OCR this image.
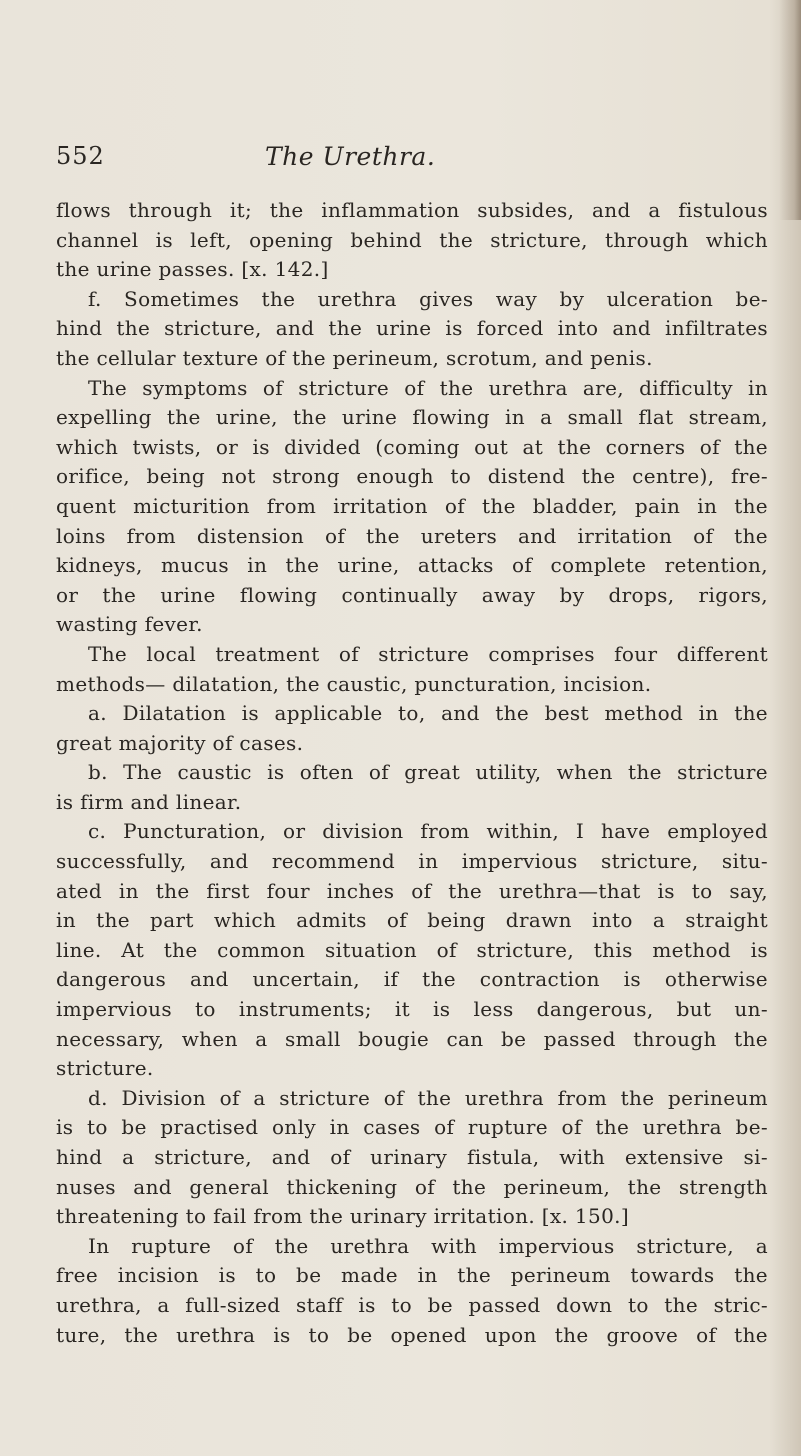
552	The Urethra.
flows through it; the inflammation subsides, and a fistulous
channel is left, opening behind the stricture, through which
the urine passes. [x. 142.]
f. Sometimes the urethra gives way by ulceration be-
hind the stricture, and the urine is forced into and infiltrates
the cellular texture of the perineum, scrotum, and penis.
The symptoms of stricture of the urethra are, difficulty in
expelling the urine, the urine flowing in a small flat stream,
which twists, or is divided (coming out at the corners of the
orifice, being not strong enough to distend the centre), fre-
quent micturition from irritation of the bladder, pain in the
loins from distension of the ureters and irritation of the
kidneys, mucus in the urine, attacks of complete retention,
or the urine flowing continually away by drops, rigors,
wasting fever.
The local treatment of stricture comprises four different
methods— dilatation, the caustic, puncturation, incision.
a. Dilatation is applicable to, and the best method in the
great majority of cases.
b. The caustic is often of great utility, when the stricture
is firm and linear.
c. Puncturation, or division from within, I have employed
successfully, and recommend in impervious stricture, situ-
ated in the first four inches of the urethra—that is to say,
in the part which admits of being drawn into a straight
line. At the common situation of stricture, this method is
dangerous and uncertain, if the contraction is otherwise
impervious to instruments; it is less dangerous, but un-
necessary, when a small bougie can be passed through the
stricture.
d. Division of a stricture of the urethra from the perineum
is to be practised only in cases of rupture of the urethra be-
hind a stricture, and of urinary fistula, with extensive si-
nuses and general thickening of the perineum, the strength
threatening to fail from the urinary irritation. [x. 150.]
In rupture of the urethra with impervious stricture, a
free incision is to be made in the perineum towards the
urethra, a full-sized staff is to be passed down to the stric-
ture, the urethra is to be opened upon the groove of the
